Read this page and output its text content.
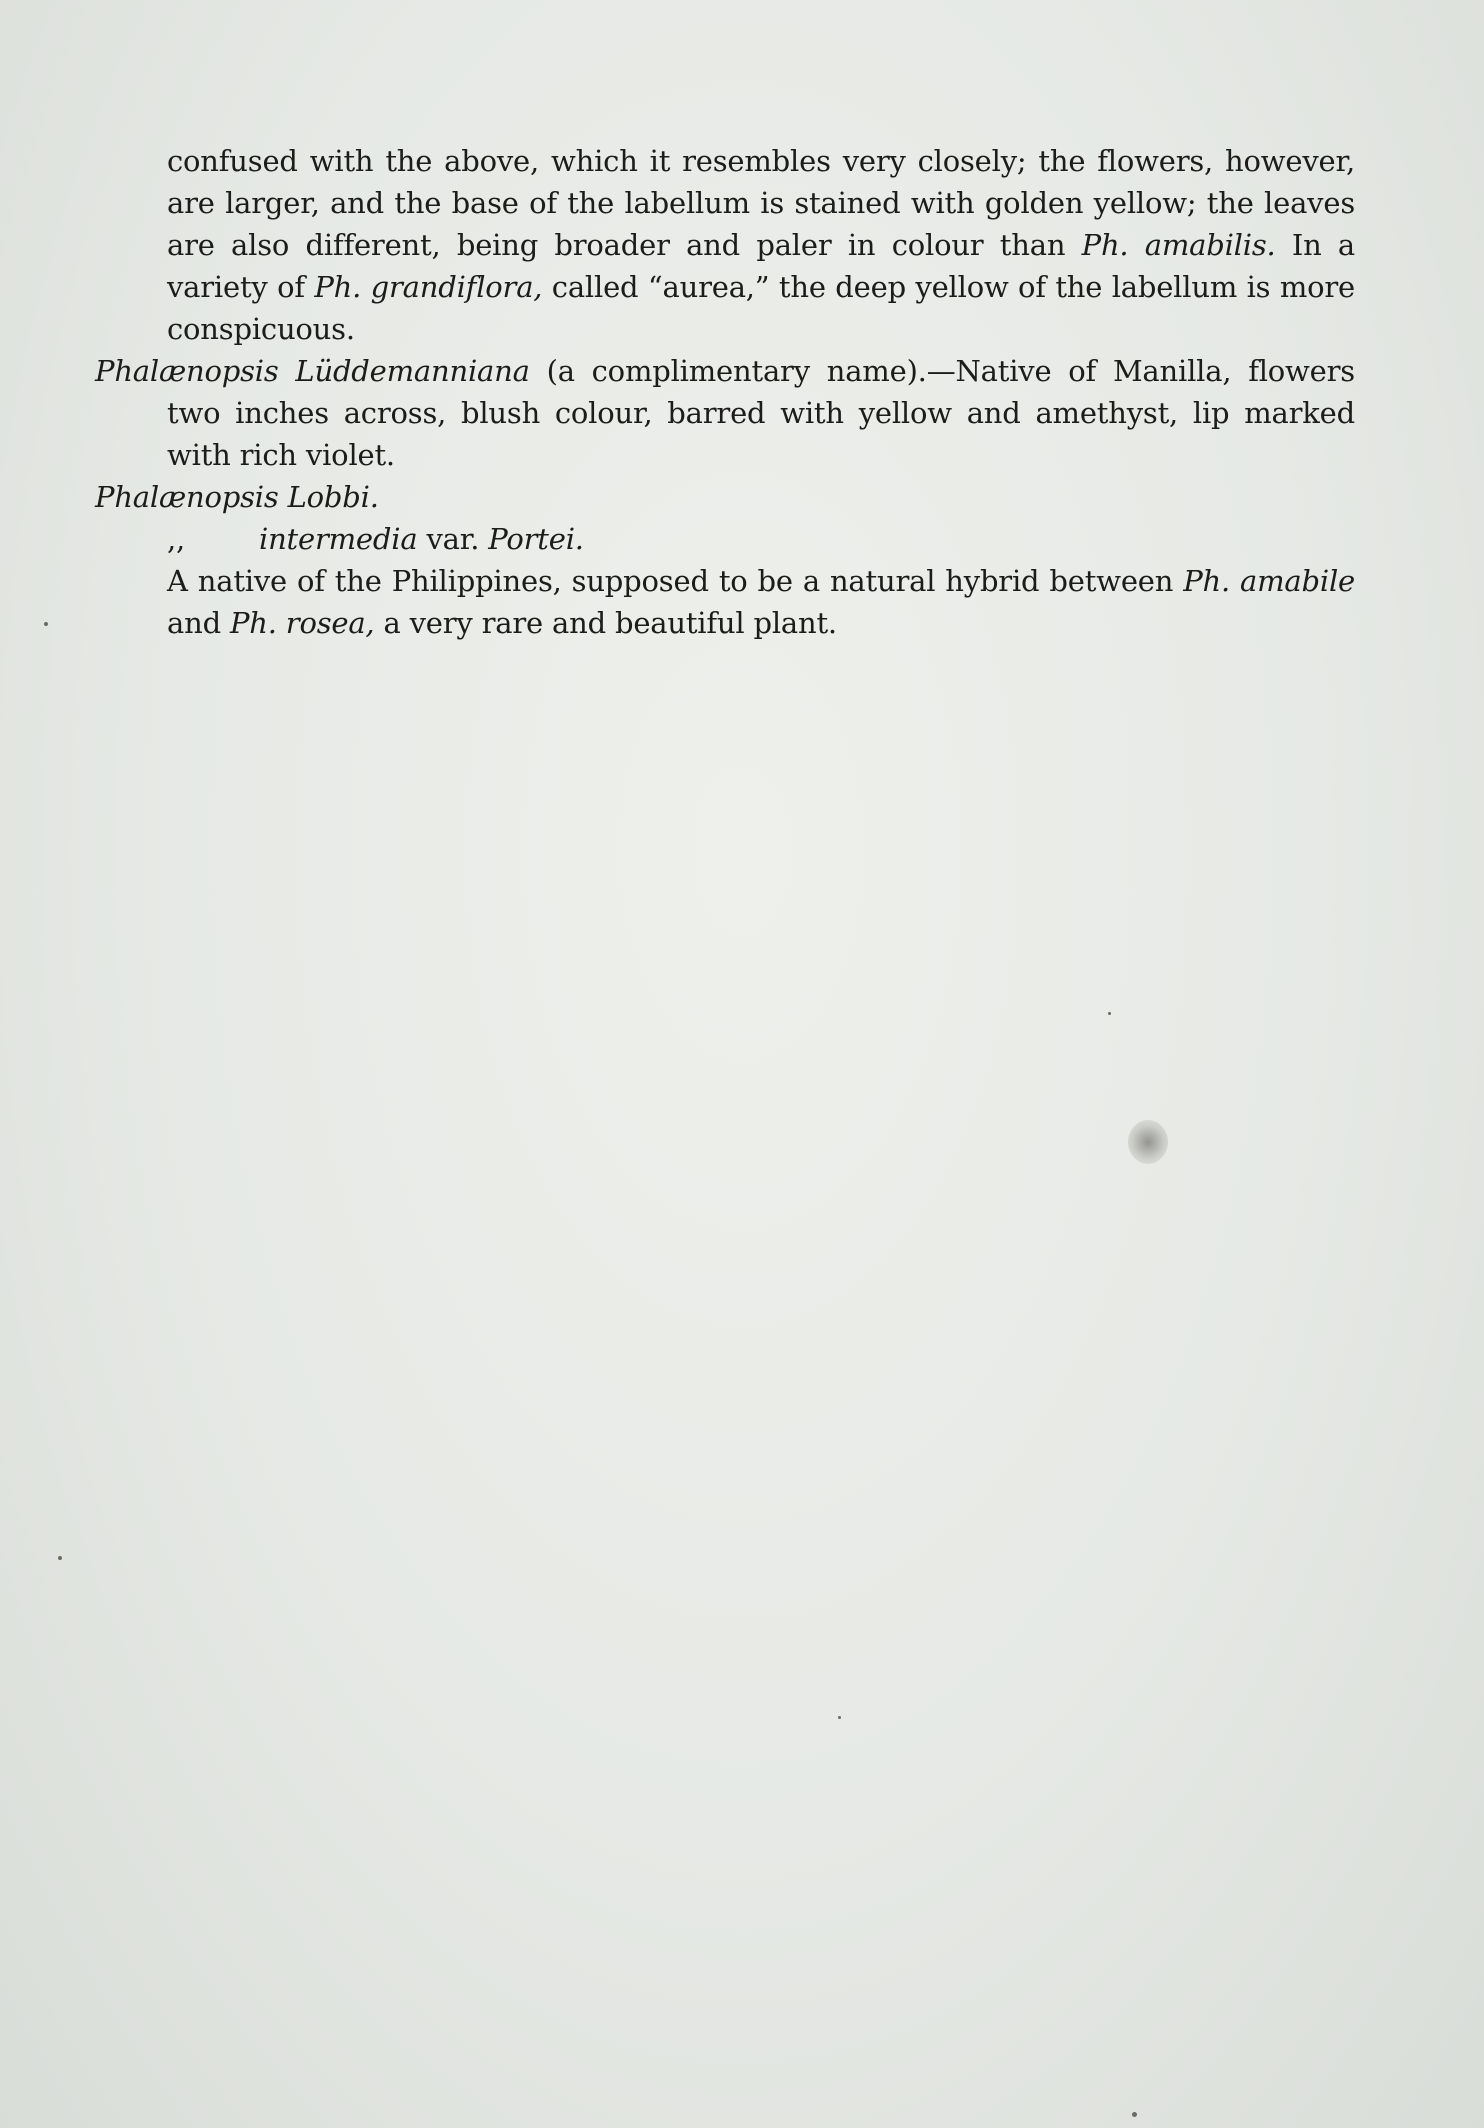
confused with the above, which it resembles very closely; the flowers, however, are larger, and the base of the labellum is stained with golden yellow; the leaves are also different, being broader and paler in colour than Ph. amabilis. In a variety of Ph. grandiflora, called “aurea,” the deep yellow of the labellum is more conspicuous.

Phalænopsis Lüddemanniana (a complimentary name).—Native of Manilla, flowers two inches across, blush colour, barred with yellow and amethyst, lip marked with rich violet.

Phalænopsis Lobbi.

,,	intermedia var. Portei.

A native of the Philippines, supposed to be a natural hybrid between Ph. amabile and Ph. rosea, a very rare and beautiful plant.
